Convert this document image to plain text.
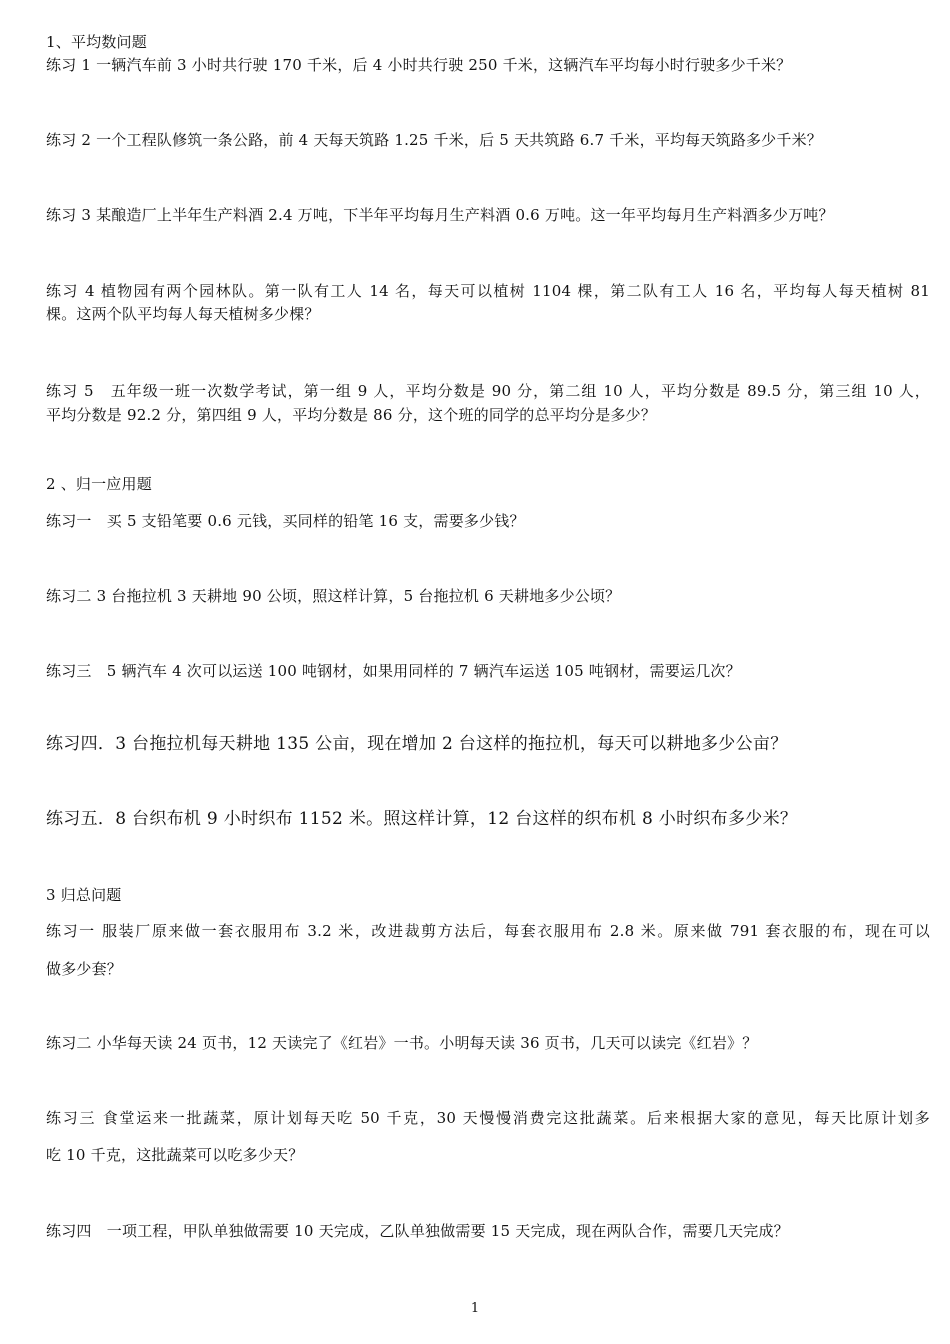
1、平均数问题
练习 1 一辆汽车前 3 小时共行驶 170 千米，后 4 小时共行驶 250 千米，这辆汽车平均每小时行驶多少千米？
练习 2 一个工程队修筑一条公路，前 4 天每天筑路 1.25 千米，后 5 天共筑路 6.7 千米，平均每天筑路多少千米？
练习 3 某酿造厂上半年生产料酒 2.4 万吨，下半年平均每月生产料酒 0.6 万吨。这一年平均每月生产料酒多少万吨？
练习 4 植物园有两个园林队。第一队有工人 14 名，每天可以植树 1104 棵，第二队有工人 16 名，平均每人每天植树 81
棵。这两个队平均每人每天植树多少棵？
练习 5　五年级一班一次数学考试，第一组 9 人，平均分数是 90 分，第二组 10 人，平均分数是 89.5 分，第三组 10 人，
平均分数是 92.2 分，第四组 9 人，平均分数是 86 分，这个班的同学的总平均分是多少？
2 、归一应用题
练习一　买 5 支铅笔要 0.6 元钱，买同样的铅笔 16 支，需要多少钱？
练习二 3 台拖拉机 3 天耕地 90 公顷，照这样计算，5 台拖拉机 6 天耕地多少公顷？
练习三　5 辆汽车 4 次可以运送 100 吨钢材，如果用同样的 7 辆汽车运送 105 吨钢材，需要运几次？
练习四．3 台拖拉机每天耕地 135 公亩，现在增加 2 台这样的拖拉机，每天可以耕地多少公亩？
练习五．8 台织布机 9 小时织布 1152 米。照这样计算，12 台这样的织布机 8 小时织布多少米？
3 归总问题
练习一 服装厂原来做一套衣服用布 3.2 米，改进裁剪方法后，每套衣服用布 2.8 米。原来做 791 套衣服的布，现在可以
做多少套？
练习二 小华每天读 24 页书，12 天读完了《红岩》一书。小明每天读 36 页书，几天可以读完《红岩》？
练习三 食堂运来一批蔬菜，原计划每天吃 50 千克，30 天慢慢消费完这批蔬菜。后来根据大家的意见，每天比原计划多
吃 10 千克，这批蔬菜可以吃多少天？
练习四　一项工程，甲队单独做需要 10 天完成，乙队单独做需要 15 天完成，现在两队合作，需要几天完成？
1
